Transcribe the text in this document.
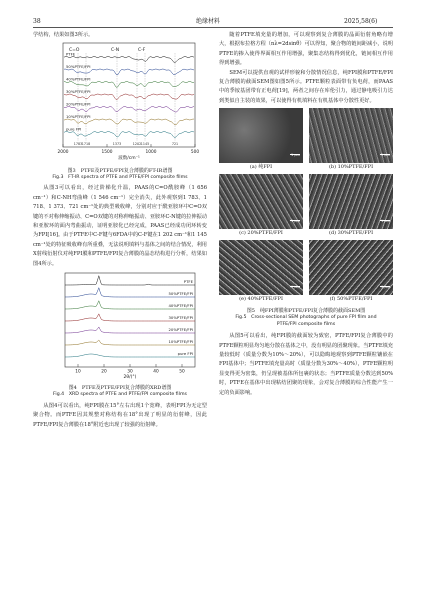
38	绝缘材料	2025,58(6)

学结构，结果如图3所示。

C=O	C-N	C-F
PTFE
50%PTFE/FPI
40%PTFE/FPI
30%PTFE/FPI
20%PTFE/FPI
10%PTFE/FPI
pure FPI
2000	1500	1000	500
1783 1718	1373	1202 1145	721
波数/cm⁻¹

图3　PTFE及PTFE/FPI复合薄膜的FT-IR谱图

Fig.3　FT-IR spectra of PTFE and PTFE/FPI composite films

从图3可以看出，经过阶梯化升温，PAAS的C=O酰胺峰（1 656 cm⁻¹）和C-NH弯曲峰（1 546 cm⁻¹）完全消失，此外观察到1 783、1 718、1 373、721 cm⁻¹处的典型吸收峰，分别对应于酰亚胺环中C=O双键的不对称伸缩振动、C=O双键的对称伸缩振动、亚胺环C-N键的拉伸振动和亚胺环的面内弯曲振动，证明亚胺化已经完成，PAAS已经成功闭环转变为FPI[16]。由于PTFE中C-F键与6FDA中的C-F键在1 202 cm⁻¹和1 145 cm⁻¹处的特征吸收峰有所重叠，无法说明填料与基体之间的结合情况，利用X射线衍射仪对纯FPI膜和PTFE/FPI复合薄膜的晶态结构进行分析，结果如图4所示。

PTFE
50%PTFE/FPI
40%PTFE/FPI
30%PTFE/FPI
20%PTFE/FPI
10%PTFE/FPI
pure FPI
10	20	30	40	50
2θ/(°)

图4　PTFE及PTFE/FPI复合薄膜的XRD谱图

Fig.4　XRD spectra of PTFE and PTFE/FPI composite films

从图4可以看出，纯FPI膜在15°左右出现1个宽峰，表明FPI为无定型聚合物。而PTFE因其规整对称结构在18°出现了明显的衍射峰，因此PTFE/FPI复合薄膜在18°附近也出现了较强的衍射峰。

随着PTFE填充量的增加，可以观察到复合薄膜的晶面衍射角略有增大，根据布拉格方程（nλ=2dsinθ）可以得知，聚合物的链间距减小，说明PTFE的掺入使得界面相互作用增强，聚集态结构得到优化，链间相互作用得到增强。

SEM可以提供直观的试样形貌和分散情况信息，纯FPI膜和PTFE/FPI复合薄膜的截面SEM图如图5所示。PTFE颗粒表面带有负电荷，而PAAS中的季铵基团带有正电荷[19]，两者之间存在库伦引力，通过静电吸引力达到类似自主装的效果，可以使得有机填料在有机基体中分散性更好。

1 μm
(a) 纯FPI
1 μm
(b) 10%PTFE/FPI
1 μm
(c) 20%PTFE/FPI
1 μm
(d) 30%PTFE/FPI
1 μm
(e) 40%PTFE/FPI
1 μm
(f) 50%PTFE/FPI

图5　纯FPI薄膜和PTFE/FPI复合薄膜的截面SEM图

Fig.5　Cross-sectional SEM photographs of pure FPI film and

PTFE/FPI composite films

从图5可以看出，纯FPI膜的截面较为致密，PTFE/FPI复合薄膜中的PTFE颗粒明显均匀地分散在基体之中，没有明显的团聚现象。当PTFE填充量较低时（质量分数为10%～20%），可以隐晦地观察到PTFE颗粒镶嵌在FPI基体中；当PTFE填充量高时（质量分数为30%～40%），PTFE颗粒明显变得更为密集，仍呈现被基体所包裹的状态；当PTFE质量分数达到50%时，PTFE在基体中出现粘结团聚的现象，会对复合薄膜的综合性能产生一定的负面影响。
